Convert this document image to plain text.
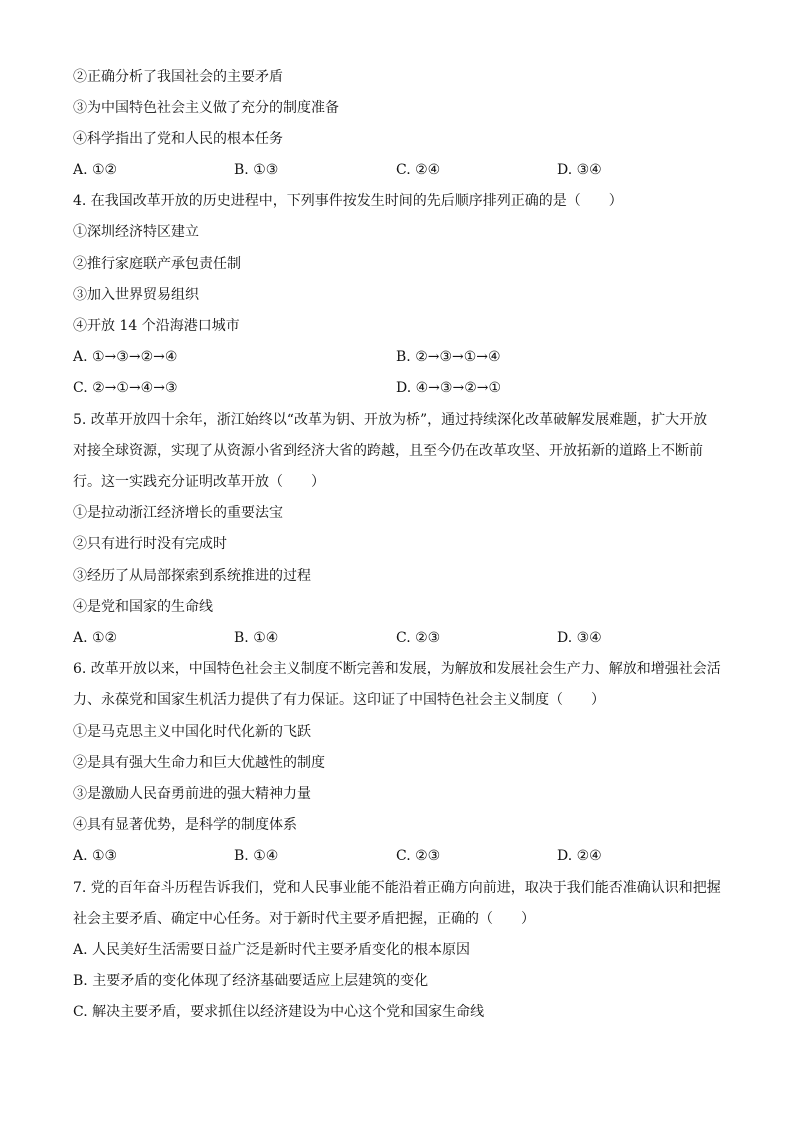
②正确分析了我国社会的主要矛盾
③为中国特色社会主义做了充分的制度准备
④科学指出了党和人民的根本任务
A. ①②	B. ①③	C. ②④	D. ③④
4. 在我国改革开放的历史进程中，下列事件按发生时间的先后顺序排列正确的是（　　）
①深圳经济特区建立
②推行家庭联产承包责任制
③加入世界贸易组织
④开放 14 个沿海港口城市
A. ①→③→②→④	B. ②→③→①→④
C. ②→①→④→③	D. ④→③→②→①
5. 改革开放四十余年，浙江始终以“改革为钥、开放为桥”，通过持续深化改革破解发展难题，扩大开放
对接全球资源，实现了从资源小省到经济大省的跨越，且至今仍在改革攻坚、开放拓新的道路上不断前
行。这一实践充分证明改革开放（　　）
①是拉动浙江经济增长的重要法宝
②只有进行时没有完成时
③经历了从局部探索到系统推进的过程
④是党和国家的生命线
A. ①②	B. ①④	C. ②③	D. ③④
6. 改革开放以来，中国特色社会主义制度不断完善和发展，为解放和发展社会生产力、解放和增强社会活
力、永葆党和国家生机活力提供了有力保证。这印证了中国特色社会主义制度（　　）
①是马克思主义中国化时代化新的飞跃
②是具有强大生命力和巨大优越性的制度
③是激励人民奋勇前进的强大精神力量
④具有显著优势，是科学的制度体系
A. ①③	B. ①④	C. ②③	D. ②④
7. 党的百年奋斗历程告诉我们，党和人民事业能不能沿着正确方向前进，取决于我们能否准确认识和把握
社会主要矛盾、确定中心任务。对于新时代主要矛盾把握，正确的（　　）
A. 人民美好生活需要日益广泛是新时代主要矛盾变化的根本原因
B. 主要矛盾的变化体现了经济基础要适应上层建筑的变化
C. 解决主要矛盾，要求抓住以经济建设为中心这个党和国家生命线
